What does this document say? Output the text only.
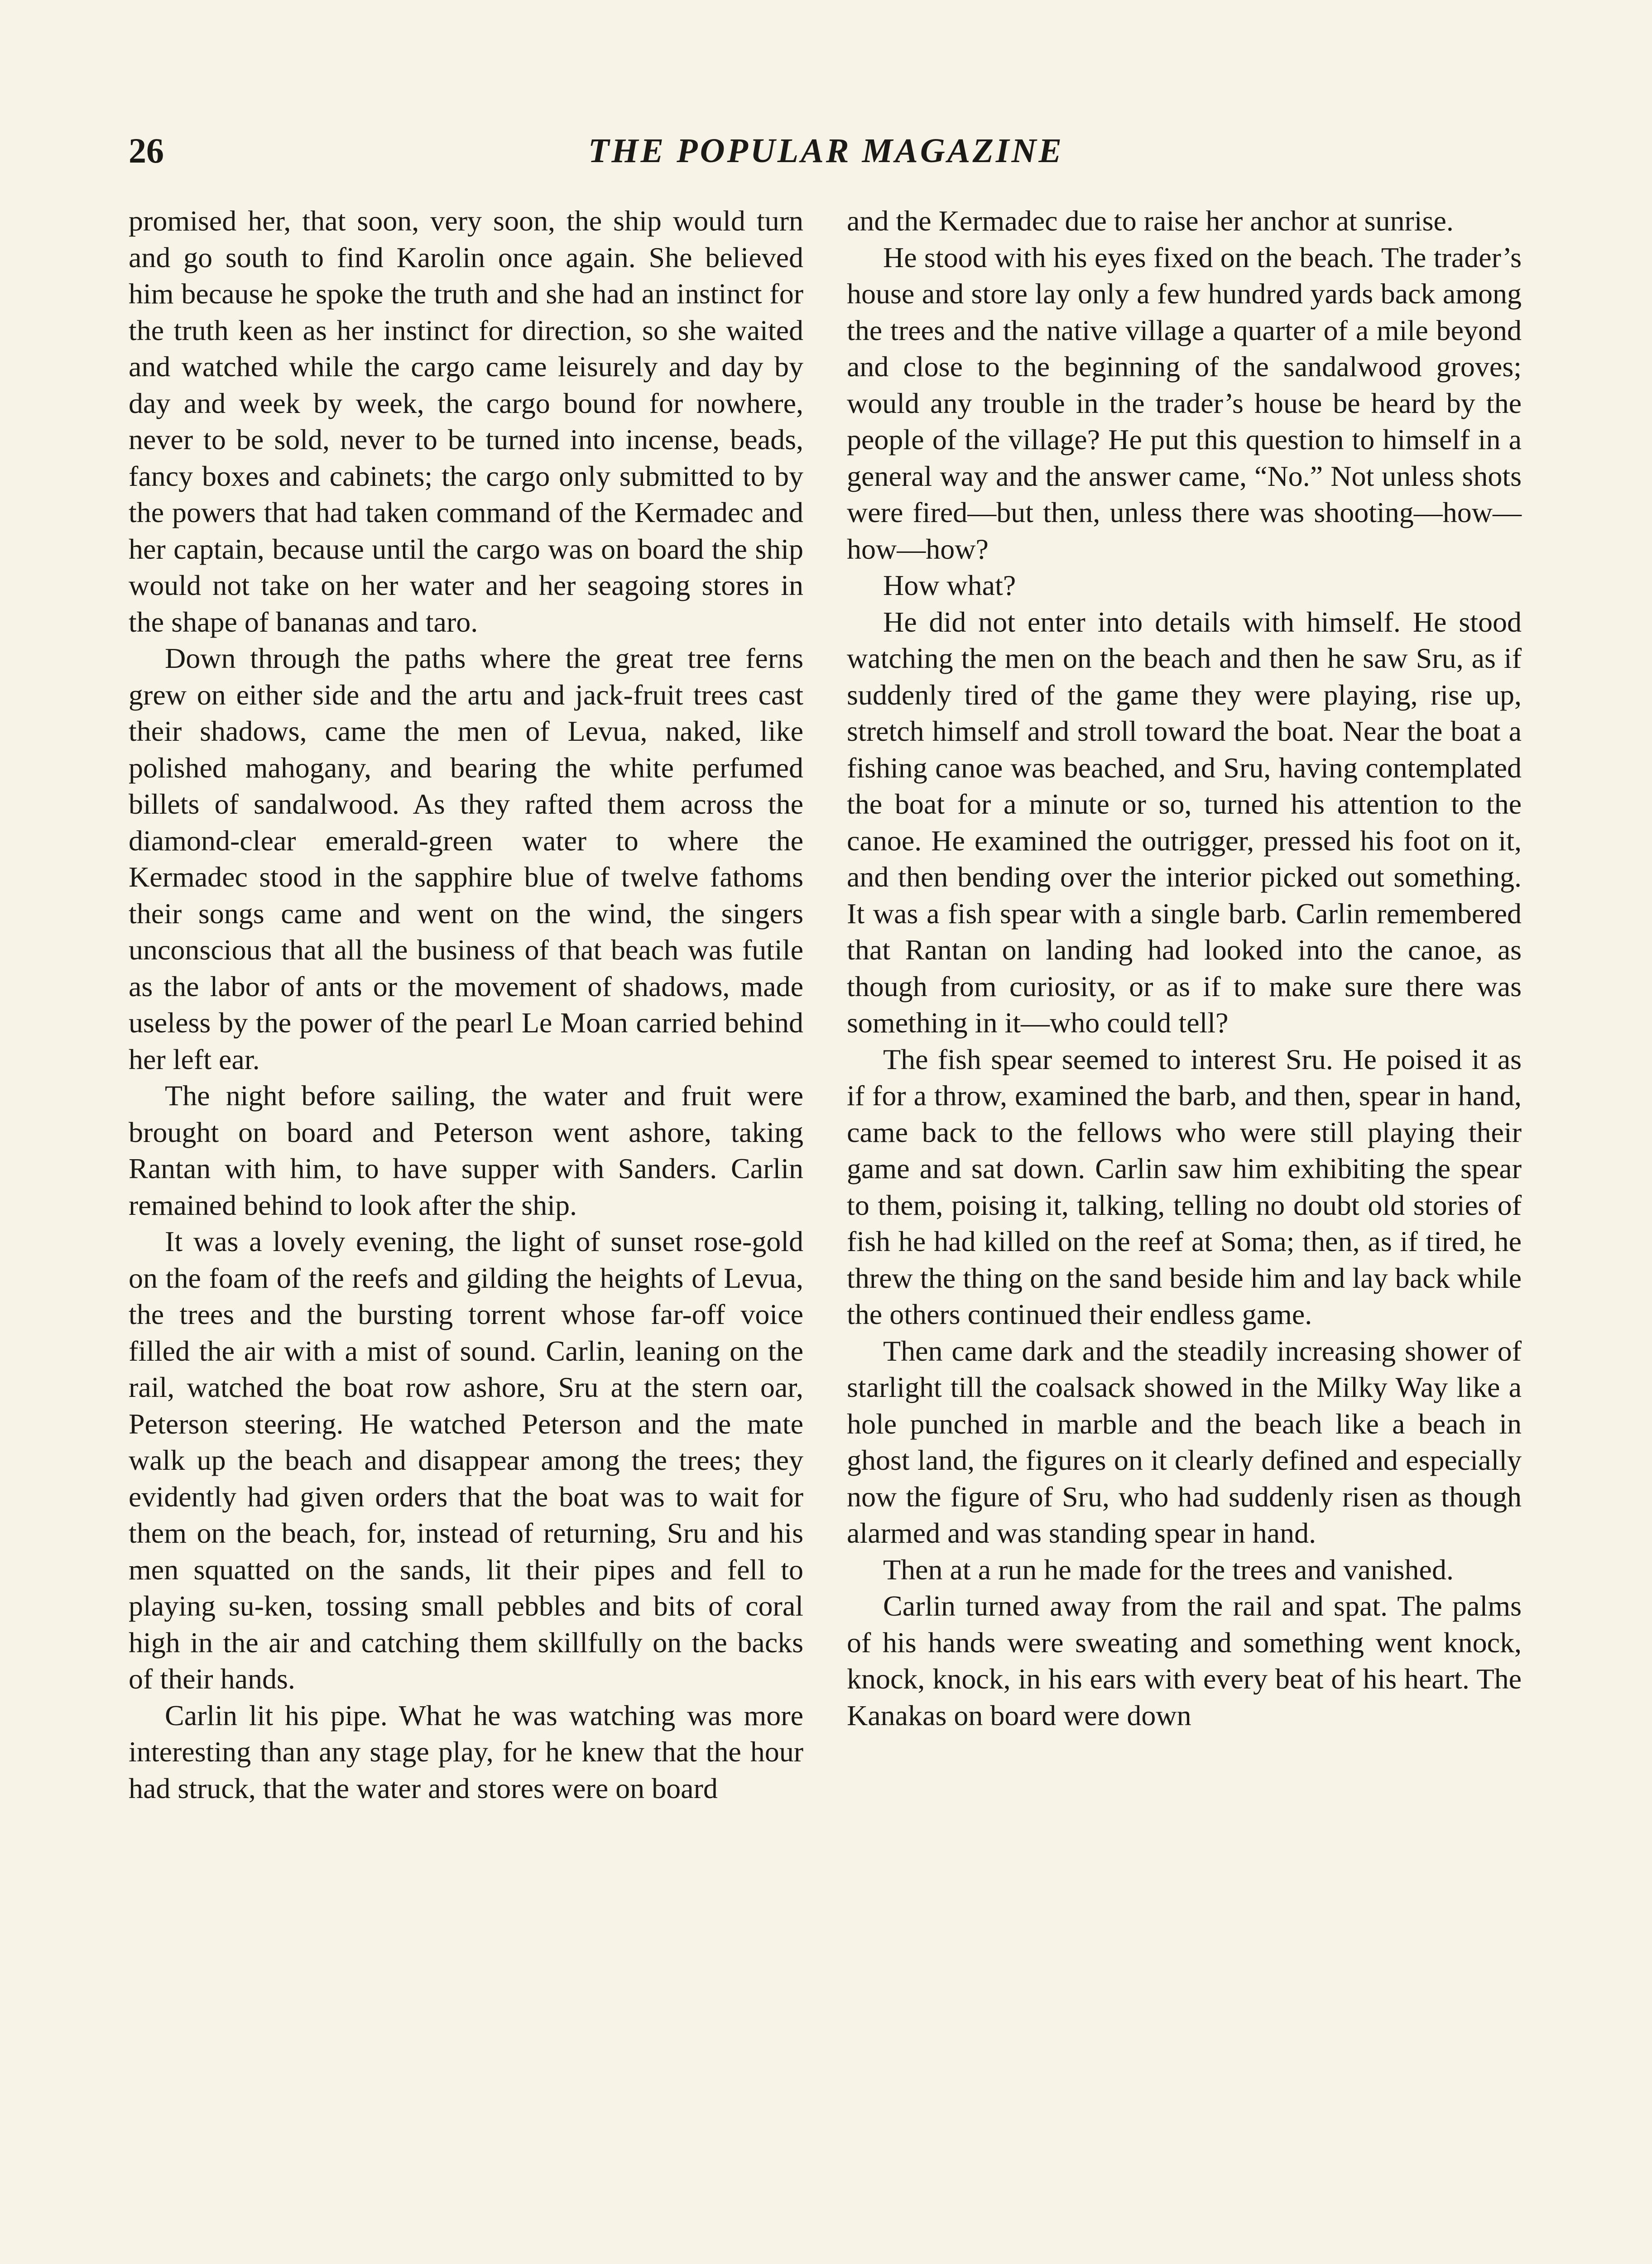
26	THE POPULAR MAGAZINE

promised her, that soon, very soon, the ship would turn and go south to find Karolin once again. She believed him because he spoke the truth and she had an instinct for the truth keen as her instinct for direction, so she waited and watched while the cargo came leisurely and day by day and week by week, the cargo bound for nowhere, never to be sold, never to be turned into incense, beads, fancy boxes and cabinets; the cargo only submitted to by the powers that had taken command of the Kermadec and her captain, because until the cargo was on board the ship would not take on her water and her seagoing stores in the shape of bananas and taro.

Down through the paths where the great tree ferns grew on either side and the artu and jack-fruit trees cast their shadows, came the men of Levua, naked, like polished mahogany, and bearing the white perfumed billets of sandalwood. As they rafted them across the diamond-clear emerald-green water to where the Kermadec stood in the sapphire blue of twelve fathoms their songs came and went on the wind, the singers unconscious that all the business of that beach was futile as the labor of ants or the movement of shadows, made useless by the power of the pearl Le Moan carried behind her left ear.

The night before sailing, the water and fruit were brought on board and Peterson went ashore, taking Rantan with him, to have supper with Sanders. Carlin remained behind to look after the ship.

It was a lovely evening, the light of sunset rose-gold on the foam of the reefs and gilding the heights of Levua, the trees and the bursting torrent whose far-off voice filled the air with a mist of sound. Carlin, leaning on the rail, watched the boat row ashore, Sru at the stern oar, Peterson steering. He watched Peterson and the mate walk up the beach and disappear among the trees; they evidently had given orders that the boat was to wait for them on the beach, for, instead of returning, Sru and his men squatted on the sands, lit their pipes and fell to playing su-ken, tossing small pebbles and bits of coral high in the air and catching them skillfully on the backs of their hands.

Carlin lit his pipe. What he was watching was more interesting than any stage play, for he knew that the hour had struck, that the water and stores were on board

and the Kermadec due to raise her anchor at sunrise.

He stood with his eyes fixed on the beach. The trader’s house and store lay only a few hundred yards back among the trees and the native village a quarter of a mile beyond and close to the beginning of the sandalwood groves; would any trouble in the trader’s house be heard by the people of the village? He put this question to himself in a general way and the answer came, “No.” Not unless shots were fired—but then, unless there was shooting—how—how—how?

How what?

He did not enter into details with himself. He stood watching the men on the beach and then he saw Sru, as if suddenly tired of the game they were playing, rise up, stretch himself and stroll toward the boat. Near the boat a fishing canoe was beached, and Sru, having contemplated the boat for a minute or so, turned his attention to the canoe. He examined the outrigger, pressed his foot on it, and then bending over the interior picked out something. It was a fish spear with a single barb. Carlin remembered that Rantan on landing had looked into the canoe, as though from curiosity, or as if to make sure there was something in it—who could tell?

The fish spear seemed to interest Sru. He poised it as if for a throw, examined the barb, and then, spear in hand, came back to the fellows who were still playing their game and sat down. Carlin saw him exhibiting the spear to them, poising it, talking, telling no doubt old stories of fish he had killed on the reef at Soma; then, as if tired, he threw the thing on the sand beside him and lay back while the others continued their endless game.

Then came dark and the steadily increasing shower of starlight till the coalsack showed in the Milky Way like a hole punched in marble and the beach like a beach in ghost land, the figures on it clearly defined and especially now the figure of Sru, who had suddenly risen as though alarmed and was standing spear in hand.

Then at a run he made for the trees and vanished.

Carlin turned away from the rail and spat. The palms of his hands were sweating and something went knock, knock, knock, in his ears with every beat of his heart. The Kanakas on board were down
